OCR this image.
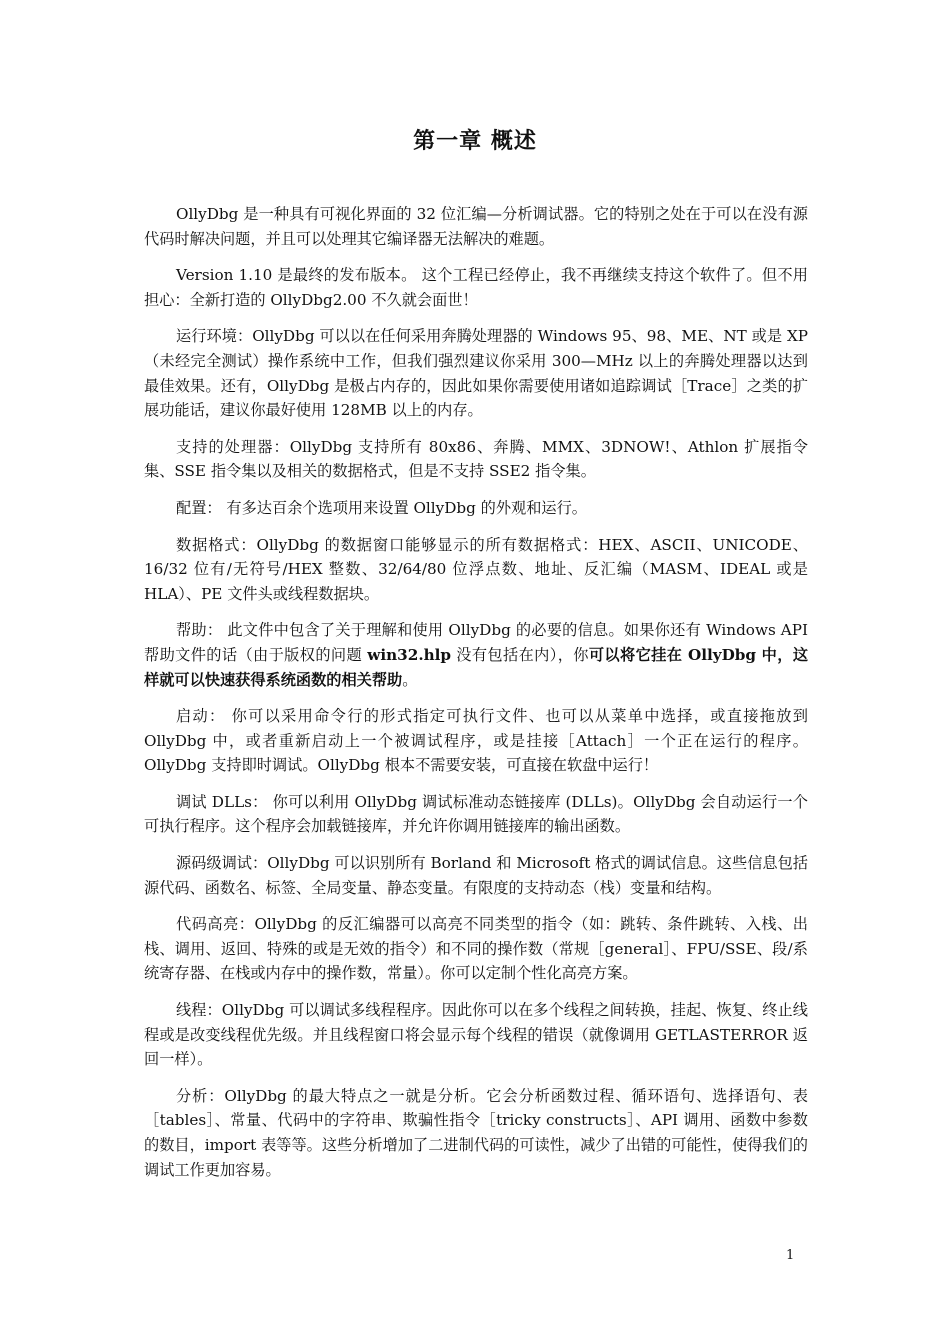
第一章 概述

OllyDbg 是一种具有可视化界面的 32 位汇编—分析调试器。它的特别之处在于可以在没有源代码时解决问题，并且可以处理其它编译器无法解决的难题。

Version 1.10 是最终的发布版本。 这个工程已经停止，我不再继续支持这个软件了。但不用担心：全新打造的 OllyDbg2.00 不久就会面世！

运行环境：OllyDbg 可以以在任何采用奔腾处理器的 Windows 95、98、ME、NT 或是 XP（未经完全测试）操作系统中工作，但我们强烈建议你采用 300—MHz 以上的奔腾处理器以达到最佳效果。还有，OllyDbg 是极占内存的，因此如果你需要使用诸如追踪调试［Trace］之类的扩展功能话，建议你最好使用 128MB 以上的内存。

支持的处理器：OllyDbg 支持所有 80x86、奔腾、MMX、3DNOW!、Athlon 扩展指令集、SSE 指令集以及相关的数据格式，但是不支持 SSE2 指令集。

配置： 有多达百余个选项用来设置 OllyDbg 的外观和运行。

数据格式：OllyDbg 的数据窗口能够显示的所有数据格式：HEX、ASCII、UNICODE、16/32 位有/无符号/HEX 整数、32/64/80 位浮点数、地址、反汇编（MASM、IDEAL 或是 HLA）、PE 文件头或线程数据块。

帮助： 此文件中包含了关于理解和使用 OllyDbg 的必要的信息。如果你还有 Windows API 帮助文件的话（由于版权的问题 win32.hlp 没有包括在内），你可以将它挂在 OllyDbg 中，这样就可以快速获得系统函数的相关帮助。

启动： 你可以采用命令行的形式指定可执行文件、也可以从菜单中选择，或直接拖放到 OllyDbg 中，或者重新启动上一个被调试程序，或是挂接［Attach］一个正在运行的程序。OllyDbg 支持即时调试。OllyDbg 根本不需要安装，可直接在软盘中运行！

调试 DLLs： 你可以利用 OllyDbg 调试标准动态链接库 (DLLs)。OllyDbg 会自动运行一个可执行程序。这个程序会加载链接库，并允许你调用链接库的输出函数。

源码级调试：OllyDbg 可以识别所有 Borland 和 Microsoft 格式的调试信息。这些信息包括源代码、函数名、标签、全局变量、静态变量。有限度的支持动态（栈）变量和结构。

代码高亮：OllyDbg 的反汇编器可以高亮不同类型的指令（如：跳转、条件跳转、入栈、出栈、调用、返回、特殊的或是无效的指令）和不同的操作数（常规［general］、FPU/SSE、段/系统寄存器、在栈或内存中的操作数，常量）。你可以定制个性化高亮方案。

线程：OllyDbg 可以调试多线程程序。因此你可以在多个线程之间转换，挂起、恢复、终止线程或是改变线程优先级。并且线程窗口将会显示每个线程的错误（就像调用 GETLASTERROR 返回一样）。

分析：OllyDbg 的最大特点之一就是分析。它会分析函数过程、循环语句、选择语句、表［tables］、常量、代码中的字符串、欺骗性指令［tricky constructs］、API 调用、函数中参数的数目，import 表等等。这些分析增加了二进制代码的可读性，减少了出错的可能性，使得我们的调试工作更加容易。

1
